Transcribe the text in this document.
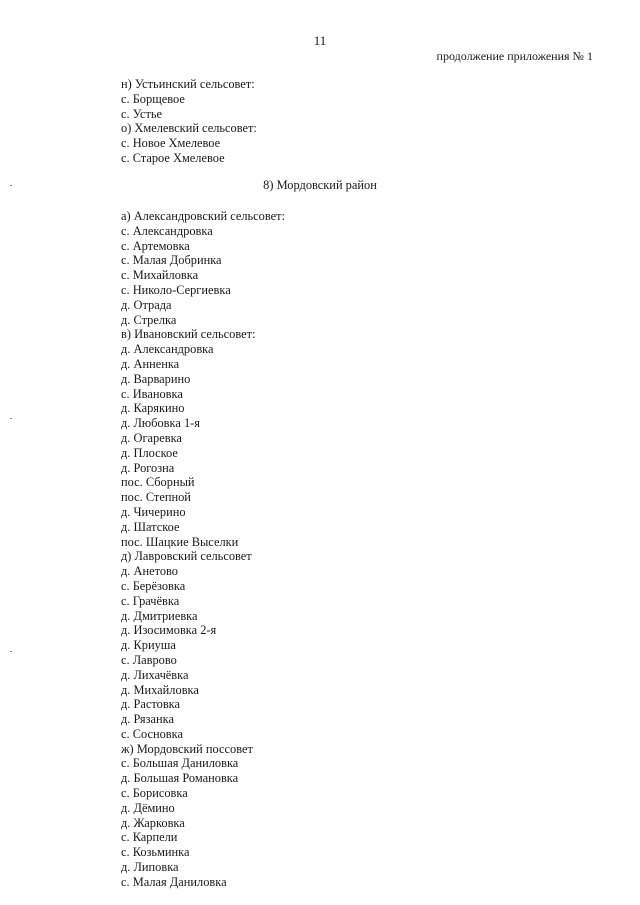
11
продолжение приложения № 1
н) Устьинский сельсовет:
с. Борщевое
с. Устье
о) Хмелевский сельсовет:
с. Новое Хмелевое
с. Старое Хмелевое
8) Мордовский район
а) Александровский сельсовет:
с. Александровка
с. Артемовка
с. Малая Добринка
с. Михайловка
с. Николо-Сергиевка
д. Отрада
д. Стрелка
в) Ивановский сельсовет:
д. Александровка
д. Анненка
д. Варварино
с. Ивановка
д. Карякино
д. Любовка 1-я
д. Огаревка
д. Плоское
д. Рогозна
пос. Сборный
пос. Степной
д. Чичерино
д. Шатское
пос. Шацкие Выселки
д) Лавровский сельсовет
д. Анетово
с. Берёзовка
с. Грачёвка
д. Дмитриевка
д. Изосимовка 2-я
д. Криуша
с. Лаврово
д. Лихачёвка
д. Михайловка
д. Растовка
д. Рязанка
с. Сосновка
ж) Мордовский поссовет
с. Большая Даниловка
д. Большая Романовка
с. Борисовка
д. Дёмино
д. Жарковка
с. Карпели
с. Козьминка
д. Липовка
с. Малая Даниловка
